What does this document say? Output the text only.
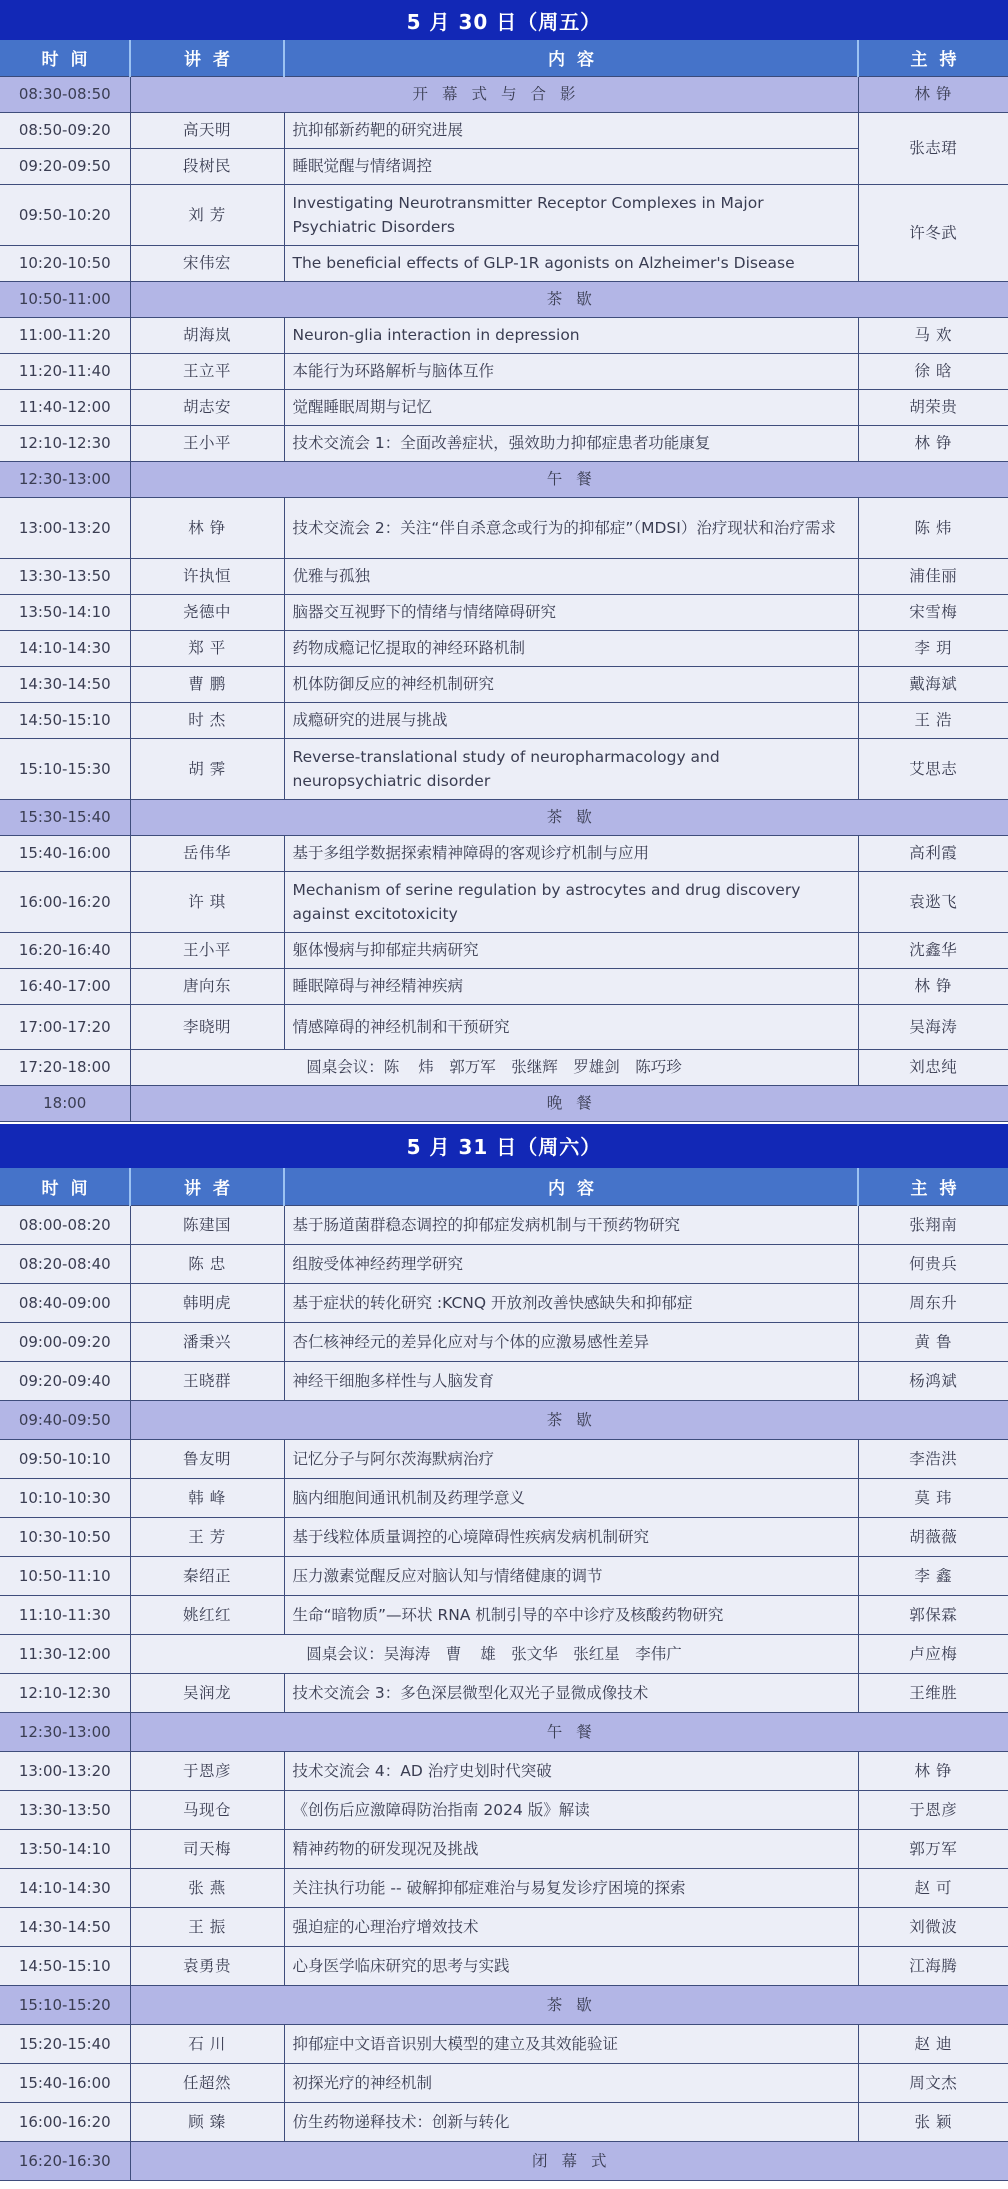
5 月 30 日（周五）
时间	讲者	内容	主持
08:30-08:50	开幕式与合影		林 铮
08:50-09:20	高天明	抗抑郁新药靶的研究进展	张志珺
09:20-09:50	段树民	睡眠觉醒与情绪调控	
09:50-10:20	刘 芳	Investigating Neurotransmitter Receptor Complexes in Major Psychiatric Disorders	许冬武
10:20-10:50	宋伟宏	The beneficial effects of GLP-1R agonists on Alzheimer's Disease	
10:50-11:00	茶歇		
11:00-11:20	胡海岚	Neuron-glia interaction in depression	马 欢
11:20-11:40	王立平	本能行为环路解析与脑体互作	徐 晗
11:40-12:00	胡志安	觉醒睡眠周期与记忆	胡荣贵
12:10-12:30	王小平	技术交流会 1：全面改善症状，强效助力抑郁症患者功能康复	林 铮
12:30-13:00	午餐		
13:00-13:20	林 铮	技术交流会 2：关注“伴自杀意念或行为的抑郁症”（MDSI）治疗现状和治疗需求	陈 炜
13:30-13:50	许执恒	优雅与孤独	浦佳丽
13:50-14:10	尧德中	脑器交互视野下的情绪与情绪障碍研究	宋雪梅
14:10-14:30	郑 平	药物成瘾记忆提取的神经环路机制	李 玥
14:30-14:50	曹 鹏	机体防御反应的神经机制研究	戴海斌
14:50-15:10	时 杰	成瘾研究的进展与挑战	王 浩
15:10-15:30	胡 霁	Reverse-translational study of neuropharmacology and neuropsychiatric disorder	艾思志
15:30-15:40	茶歇		
15:40-16:00	岳伟华	基于多组学数据探索精神障碍的客观诊疗机制与应用	高利霞
16:00-16:20	许 琪	Mechanism of serine regulation by astrocytes and drug discovery against excitotoxicity	袁逖飞
16:20-16:40	王小平	躯体慢病与抑郁症共病研究	沈鑫华
16:40-17:00	唐向东	睡眠障碍与神经精神疾病	林 铮
17:00-17:20	李晓明	情感障碍的神经机制和干预研究	吴海涛
17:20-18:00	圆桌会议：陈 炜　郭万军　张继辉　罗雄剑　陈巧珍		刘忠纯
18:00	晚餐		
5 月 31 日（周六）
时间	讲者	内容	主持
08:00-08:20	陈建国	基于肠道菌群稳态调控的抑郁症发病机制与干预药物研究	张翔南
08:20-08:40	陈 忠	组胺受体神经药理学研究	何贵兵
08:40-09:00	韩明虎	基于症状的转化研究 :KCNQ 开放剂改善快感缺失和抑郁症	周东升
09:00-09:20	潘秉兴	杏仁核神经元的差异化应对与个体的应激易感性差异	黄 鲁
09:20-09:40	王晓群	神经干细胞多样性与人脑发育	杨鸿斌
09:40-09:50	茶歇		
09:50-10:10	鲁友明	记忆分子与阿尔茨海默病治疗	李浩洪
10:10-10:30	韩 峰	脑内细胞间通讯机制及药理学意义	莫 玮
10:30-10:50	王 芳	基于线粒体质量调控的心境障碍性疾病发病机制研究	胡薇薇
10:50-11:10	秦绍正	压力激素觉醒反应对脑认知与情绪健康的调节	李 鑫
11:10-11:30	姚红红	生命“暗物质”—环状 RNA 机制引导的卒中诊疗及核酸药物研究	郭保霖
11:30-12:00	圆桌会议：吴海涛　曹 雄　张文华　张红星　李伟广		卢应梅
12:10-12:30	吴润龙	技术交流会 3：多色深层微型化双光子显微成像技术	王维胜
12:30-13:00	午餐		
13:00-13:20	于恩彦	技术交流会 4：AD 治疗史划时代突破	林 铮
13:30-13:50	马现仓	《创伤后应激障碍防治指南 2024 版》解读	于恩彦
13:50-14:10	司天梅	精神药物的研发现况及挑战	郭万军
14:10-14:30	张 燕	关注执行功能 -- 破解抑郁症难治与易复发诊疗困境的探索	赵 可
14:30-14:50	王 振	强迫症的心理治疗增效技术	刘微波
14:50-15:10	袁勇贵	心身医学临床研究的思考与实践	江海腾
15:10-15:20	茶歇		
15:20-15:40	石 川	抑郁症中文语音识别大模型的建立及其效能验证	赵 迪
15:40-16:00	任超然	初探光疗的神经机制	周文杰
16:00-16:20	顾 臻	仿生药物递释技术：创新与转化	张 颖
16:20-16:30	闭幕式		
